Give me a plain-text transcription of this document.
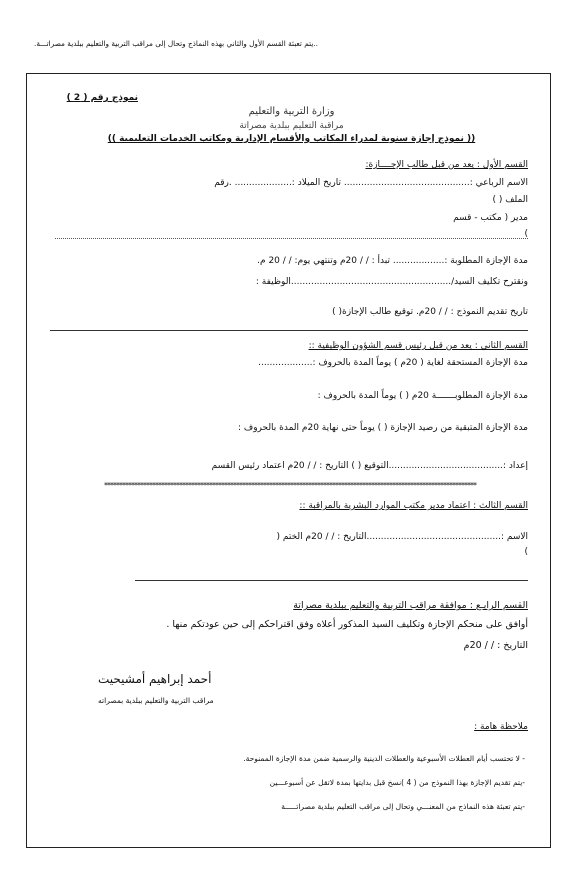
..يتم تعبئة القسم الأول والثاني بهذه النماذج وتحال إلى مراقب التربية والتعليم ببلدية مصراتـــة.
نموذج رقم ( 2 )
وزارة التربية والتعليم
مراقبة التعليم ببلدية مصراتة
(( نموذج إجازة سنوية لمدراء المكاتب والأقسام الإدارية ومكاتب الخدمات التعليمية ))
القسم الأول : يعد من قبل طالب الإجــــازة:
الاسم الرباعي :............................................ تاريخ الميلاد :.................... .رقم
الملف ( )
مدير ( مكتب - قسم
)
مدة الإجازة المطلوبة :.................. تبدأ : / / 20م وتنتهي يوم: / / 20 م.
ونقترح تكليف السيد/........................................................الوظيفة :
تاريخ تقديم النموذج : / / 20م. توقيع طالب الإجازة( )
القسم الثاني : يعد من قبل رئيس قسم الشؤون الوظيفية ::
مدة الإجازة المستحقة لغاية ( 20م ) يوماً المدة بالحروف :...................
مدة الإجازة المطلوبـــــــة 20م ( ) يوماً المدة بالحروف :
مدة الإجازة المتبقية من رصيد الإجازة ( ) يوماً حتى نهاية 20م المدة بالحروف :
إعداد :........................................التوقيع ( ) التاريخ : / / 20م اعتماد رئيس القسم
****************************************************************************************************************************
القسم الثالث : اعتماد مدير مكتب الموارد البشرية بالمراقبة ::
الاسم :...............................................التاريخ : / / 20م الختم (
)
القسم الرابـع : موافقة مراقب التربية والتعليم ببلدية مصراتة
أوافق على منحكم الإجازة وتكليف السيد المذكور أعلاه وفق اقتراحكم إلى حين عودتكم منها .
التاريخ : / / 20م
أحمد إبراهيم أمشيحيت
مراقب التربية والتعليم ببلدية بمصراته
ملاحظة هامة :
- لا تحتسب أيام العطلات الأسبوعية والعطلات الدينية والرسمية ضمن مدة الإجازة الممنوحة.
-يتم تقديم الإجازة بهذا النموذج من ( 4 )نسخ قبل بدايتها بمدة لاتقل عن أسبوعـــين
-يتم تعبئة هذه النماذج من المعنـــي وتحال إلى مراقب التعليم ببلدية مصراتـــــة
